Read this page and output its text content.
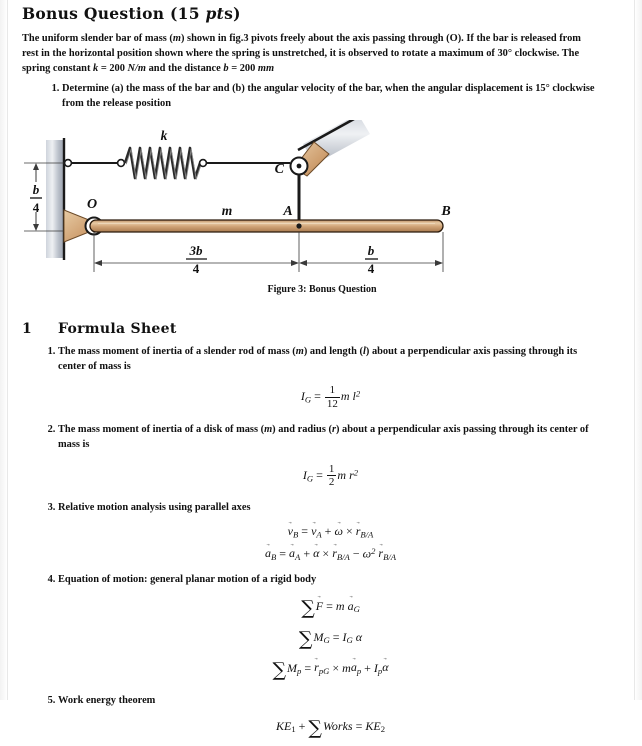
Bonus Question (15 pts)

The uniform slender bar of mass (m) shown in fig.3 pivots freely about the axis passing through (O). If the bar is released from rest in the horizontal position shown where the spring is unstretched, it is observed to rotate a maximum of 30° clockwise. The spring constant k = 200 N/m and the distance b = 200 mm

1. Determine (a) the mass of the bar and (b) the angular velocity of the bar, when the angular displacement is 15° clockwise from the release position
b
4
k
C
O	m	A	B
3b
4
b
4
Figure 3: Bonus Question
1 Formula Sheet
1. The mass moment of inertia of a slender rod of mass (m) and length (l) about a perpendicular axis passing through its center of mass is
$I_G = \frac{1}{12}$ m $l^2$
2. The mass moment of inertia of a disk of mass (m) and radius (r) about a perpendicular axis passing through its center of mass is
$I_G = \frac{1}{2}$ m $r^2$
3. Relative motion analysis using parallel axes
$v \to_B = v \to_A + \omega$ → × $r \to_{B/A}$
$a \to_B = a \to_A + \alpha$ → × $r \to_{B/A} - \omega^2$ $r \to_{B/A}$
4. Equation of motion: general planar motion of a rigid body
∑F → = m $a \to_G$
$\sum M_G = I_G$ α
$\sum M_p = r \to_{pG}$ × ma $\to_p + I_p\alpha$ →
5. Work energy theorem
$KE_1$ + ∑Works = $KE_2$
